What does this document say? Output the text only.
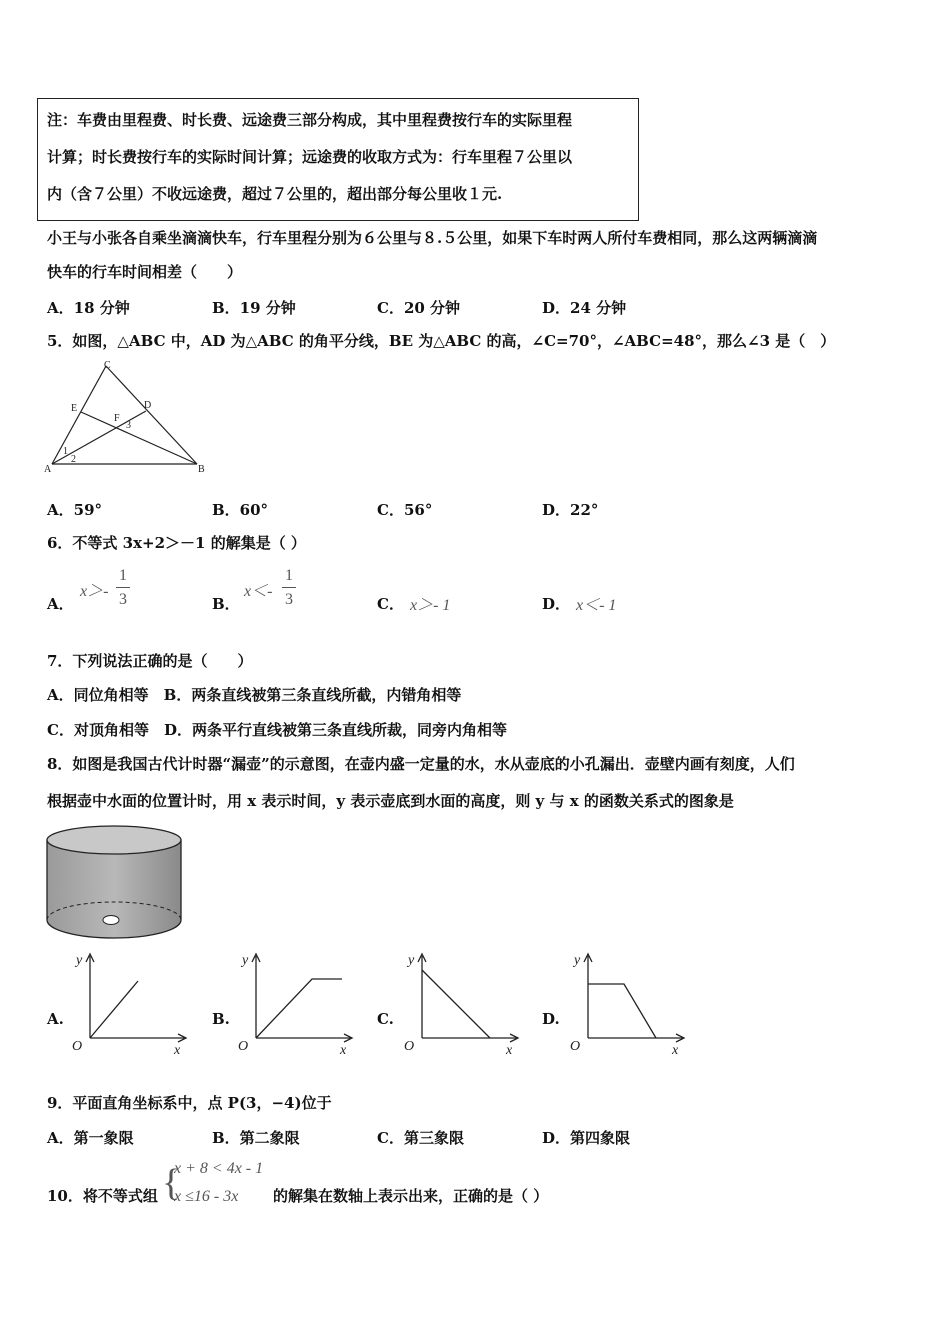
注：车费由里程费、时长费、远途费三部分构成，其中里程费按行车的实际里程
计算；时长费按行车的实际时间计算；远途费的收取方式为：行车里程７公里以
内（含７公里）不收远途费，超过７公里的，超出部分每公里收１元.
小王与小张各自乘坐滴滴快车，行车里程分别为６公里与８.５公里，如果下车时两人所付车费相同，那么这两辆滴滴
快车的行车时间相差（　　）
A．18 分钟	B．19 分钟	C．20 分钟	D．24 分钟
5．如图，△ABC 中，AD 为△ABC 的角平分线，BE 为△ABC 的高，∠C=70°，∠ABC=48°，那么∠3 是（　）
A	B
C
D
E
F
1
2
3
A．59°	B．60°	C．56°	D．22°
6．不等式 3x+2＞－1 的解集是（ ）
A．
x＞-
1
3	B．
x＜-
1
3	C． x＞- 1	D． x＜- 1
7．下列说法正确的是（　　）
A．同位角相等　B．两条直线被第三条直线所截，内错角相等
C．对顶角相等　D．两条平行直线被第三条直线所裁，同旁内角相等
8．如图是我国古代计时器“漏壶”的示意图，在壶内盛一定量的水，水从壶底的小孔漏出．壶壁内画有刻度，人们
根据壶中水面的位置计时，用 x 表示时间，y 表示壶底到水面的高度，则 y 与 x 的函数关系式的图象是
A.
y
x
O
B.
y
x
O
C.
y
x
O
D.
y
x
O
9．平面直角坐标系中，点 P(3，−4)位于
A．第一象限	B．第二象限	C．第三象限	D．第四象限
10．将不等式组 {
x + 8 < 4x - 1
x ≤16 - 3x 的解集在数轴上表示出来，正确的是（ ）
